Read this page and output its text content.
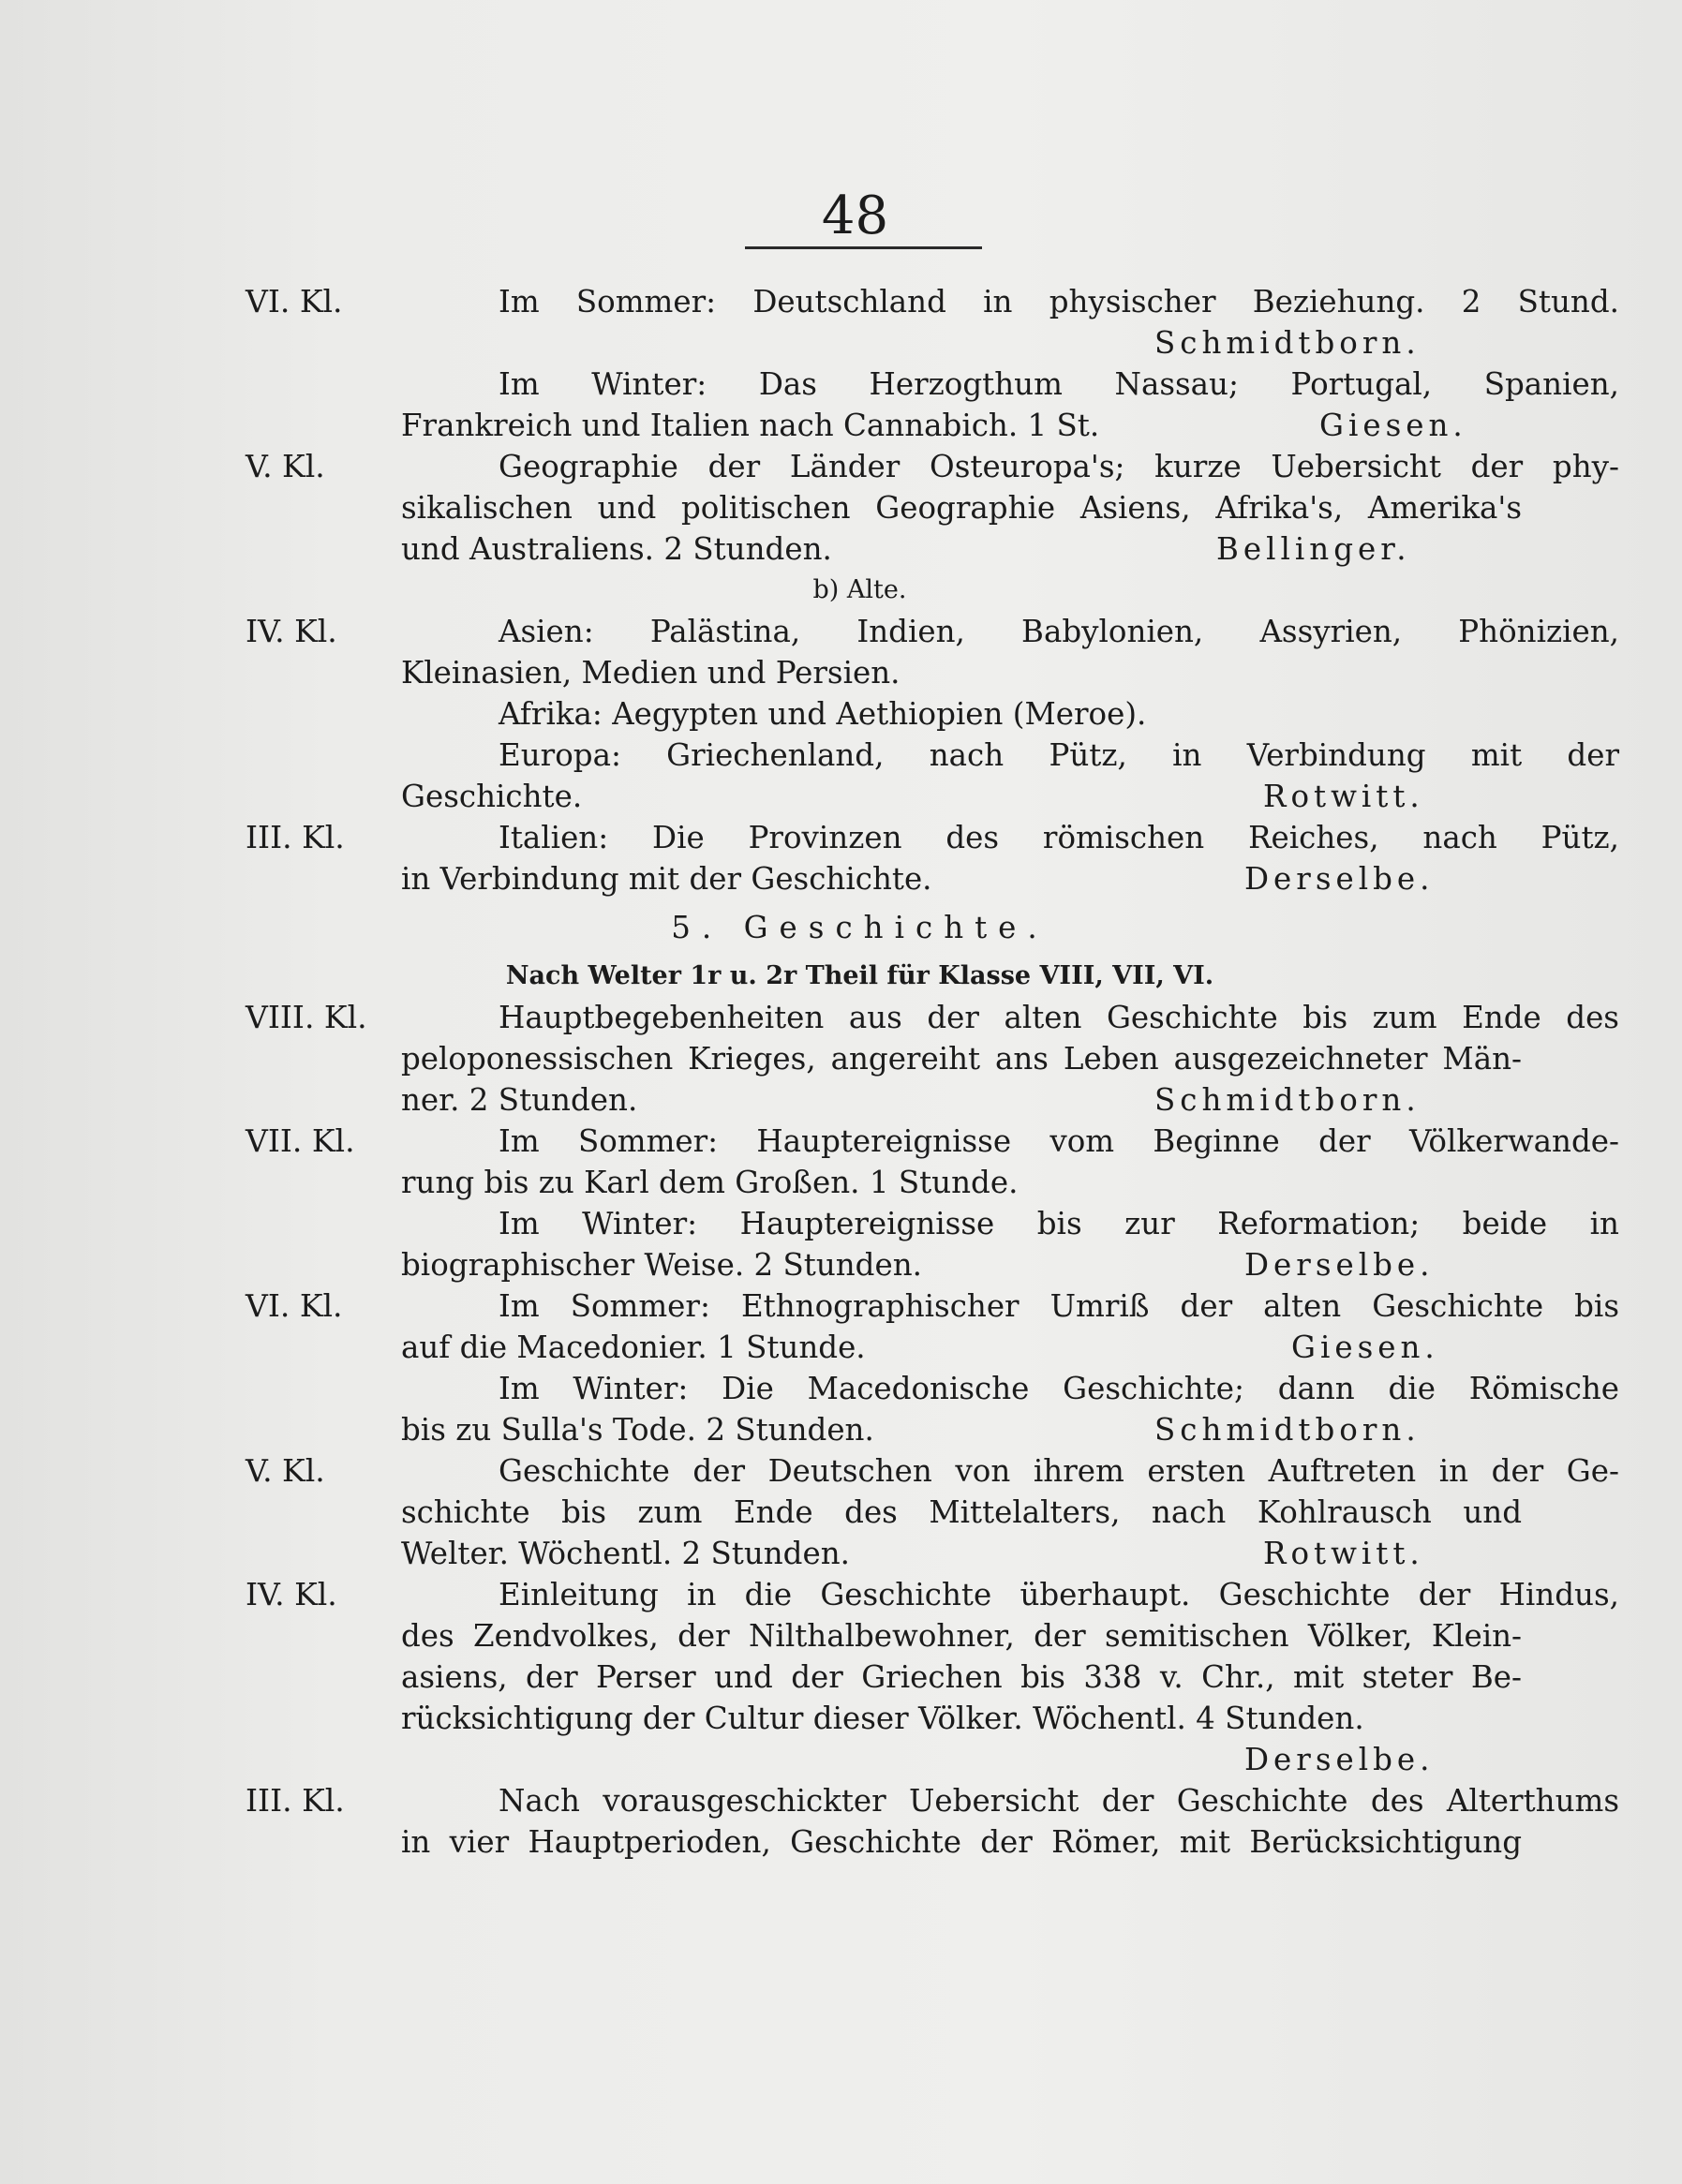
48
VI. Kl.	Im Sommer: Deutschland in physischer Beziehung. 2 Stund.
Schmidtborn.
Im Winter: Das Herzogthum Nassau; Portugal, Spanien,
Frankreich und Italien nach Cannabich. 1 St.	Giesen.
V. Kl.	Geographie der Länder Osteuropa's; kurze Uebersicht der phy-
sikalischen und politischen Geographie Asiens, Afrika's, Amerika's
und Australiens. 2 Stunden.	Bellinger.
b) Alte.
IV. Kl.	Asien: Palästina, Indien, Babylonien, Assyrien, Phönizien,
Kleinasien, Medien und Persien.
Afrika: Aegypten und Aethiopien (Meroe).
Europa: Griechenland, nach Pütz, in Verbindung mit der
Geschichte.	Rotwitt.
III. Kl.	Italien: Die Provinzen des römischen Reiches, nach Pütz,
in Verbindung mit der Geschichte.	Derselbe.
5. Geschichte.
Nach Welter 1r u. 2r Theil für Klasse VIII, VII, VI.
VIII. Kl.	Hauptbegebenheiten aus der alten Geschichte bis zum Ende des
peloponessischen Krieges, angereiht ans Leben ausgezeichneter Män-
ner. 2 Stunden.	Schmidtborn.
VII. Kl.	Im Sommer: Hauptereignisse vom Beginne der Völkerwande-
rung bis zu Karl dem Großen. 1 Stunde.
Im Winter: Hauptereignisse bis zur Reformation; beide in
biographischer Weise. 2 Stunden.	Derselbe.
VI. Kl.	Im Sommer: Ethnographischer Umriß der alten Geschichte bis
auf die Macedonier. 1 Stunde.	Giesen.
Im Winter: Die Macedonische Geschichte; dann die Römische
bis zu Sulla's Tode. 2 Stunden.	Schmidtborn.
V. Kl.	Geschichte der Deutschen von ihrem ersten Auftreten in der Ge-
schichte bis zum Ende des Mittelalters, nach Kohlrausch und
Welter. Wöchentl. 2 Stunden.	Rotwitt.
IV. Kl.	Einleitung in die Geschichte überhaupt. Geschichte der Hindus,
des Zendvolkes, der Nilthalbewohner, der semitischen Völker, Klein-
asiens, der Perser und der Griechen bis 338 v. Chr., mit steter Be-
rücksichtigung der Cultur dieser Völker. Wöchentl. 4 Stunden.
Derselbe.
III. Kl.	Nach vorausgeschickter Uebersicht der Geschichte des Alterthums
in vier Hauptperioden, Geschichte der Römer, mit Berücksichtigung
